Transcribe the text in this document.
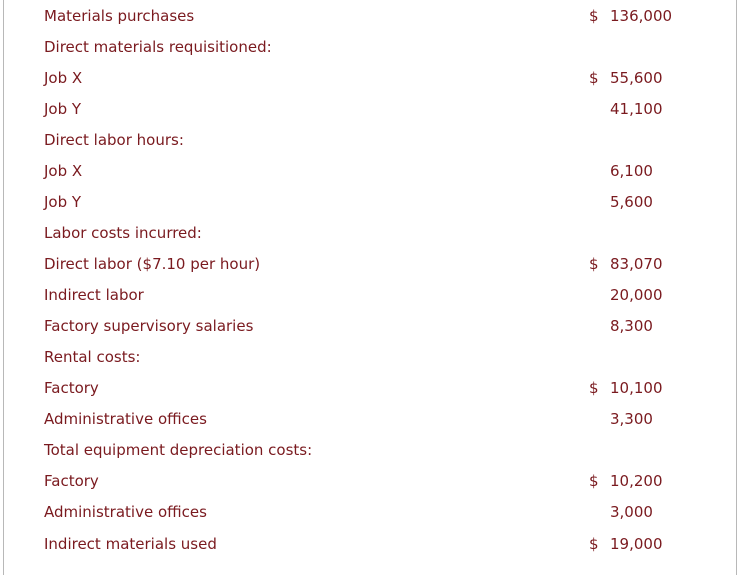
Materials purchases	$ 136,000
Direct materials requisitioned:
Job X	$ 55,600
Job Y	41,100
Direct labor hours:
Job X	6,100
Job Y	5,600
Labor costs incurred:
Direct labor ($7.10 per hour)	$ 83,070
Indirect labor	20,000
Factory supervisory salaries	8,300
Rental costs:
Factory	$ 10,100
Administrative offices	3,300
Total equipment depreciation costs:
Factory	$ 10,200
Administrative offices	3,000
Indirect materials used	$ 19,000
